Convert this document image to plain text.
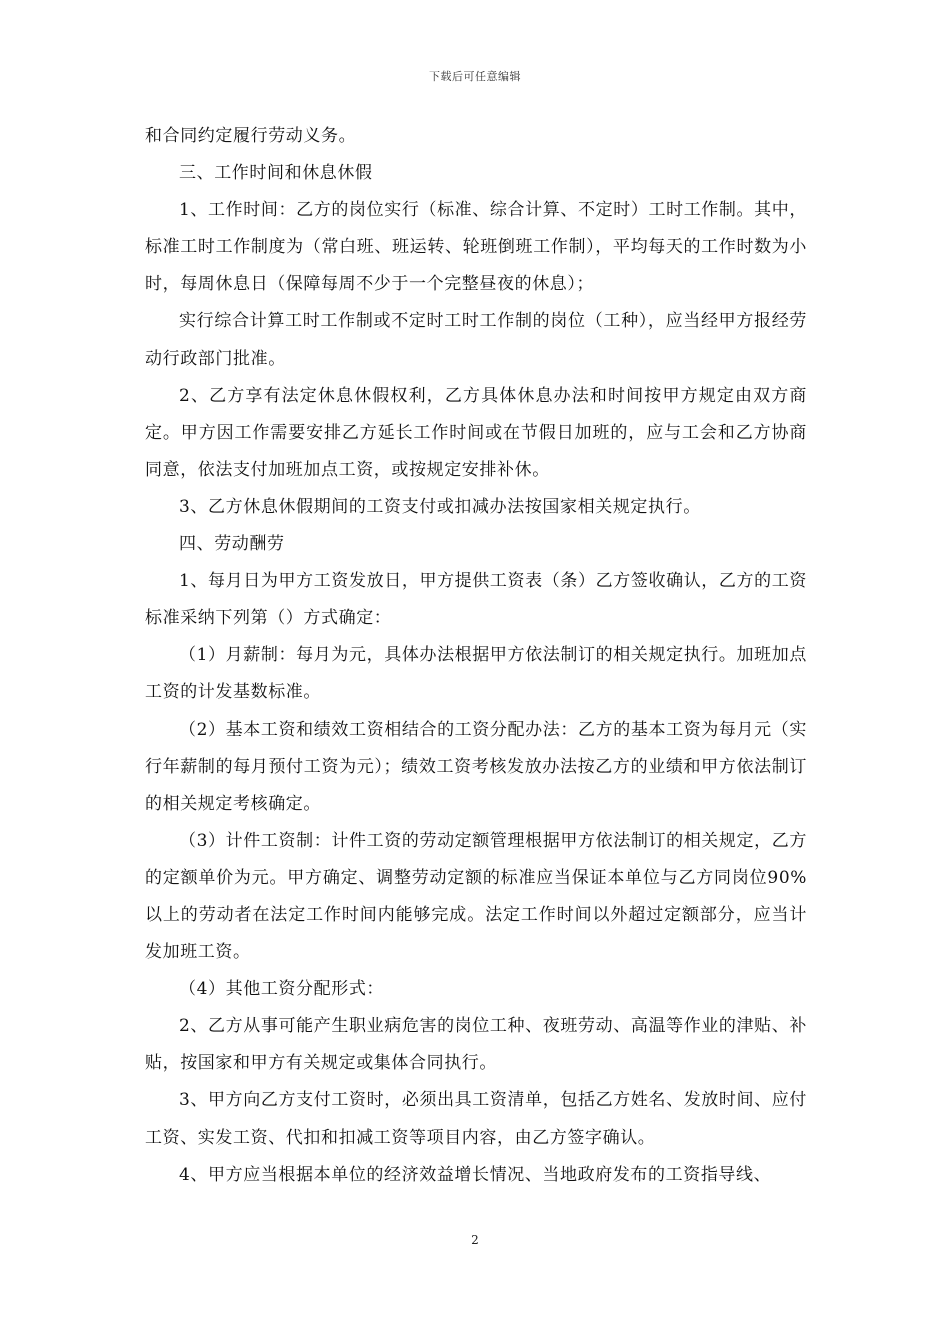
下载后可任意编辑

和合同约定履行劳动义务。

三、工作时间和休息休假

1、工作时间：乙方的岗位实行（标准、综合计算、不定时）工时工作制。其中，标准工时工作制度为（常白班、班运转、轮班倒班工作制），平均每天的工作时数为小时，每周休息日（保障每周不少于一个完整昼夜的休息）；

实行综合计算工时工作制或不定时工时工作制的岗位（工种），应当经甲方报经劳动行政部门批准。

2、乙方享有法定休息休假权利，乙方具体休息办法和时间按甲方规定由双方商定。甲方因工作需要安排乙方延长工作时间或在节假日加班的，应与工会和乙方协商同意，依法支付加班加点工资，或按规定安排补休。

3、乙方休息休假期间的工资支付或扣减办法按国家相关规定执行。

四、劳动酬劳

1、每月日为甲方工资发放日，甲方提供工资表（条）乙方签收确认，乙方的工资标准采纳下列第（）方式确定：

（1）月薪制：每月为元，具体办法根据甲方依法制订的相关规定执行。加班加点工资的计发基数标准。

（2）基本工资和绩效工资相结合的工资分配办法：乙方的基本工资为每月元（实行年薪制的每月预付工资为元）；绩效工资考核发放办法按乙方的业绩和甲方依法制订的相关规定考核确定。

（3）计件工资制：计件工资的劳动定额管理根据甲方依法制订的相关规定，乙方的定额单价为元。甲方确定、调整劳动定额的标准应当保证本单位与乙方同岗位90%以上的劳动者在法定工作时间内能够完成。法定工作时间以外超过定额部分，应当计发加班工资。

（4）其他工资分配形式：

2、乙方从事可能产生职业病危害的岗位工种、夜班劳动、高温等作业的津贴、补贴，按国家和甲方有关规定或集体合同执行。

3、甲方向乙方支付工资时，必须出具工资清单，包括乙方姓名、发放时间、应付工资、实发工资、代扣和扣减工资等项目内容，由乙方签字确认。

4、甲方应当根据本单位的经济效益增长情况、当地政府发布的工资指导线、

2
